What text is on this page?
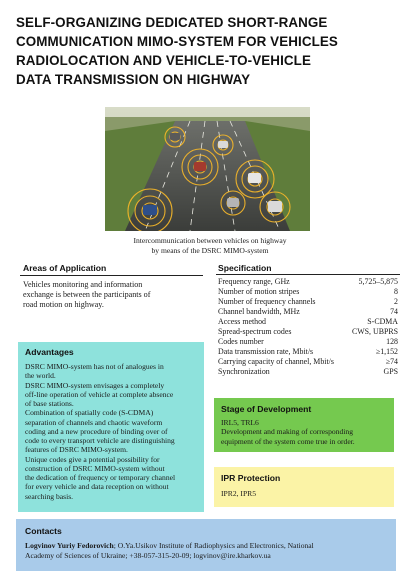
SELF-ORGANIZING DEDICATED SHORT-RANGE
COMMUNICATION MIMO-SYSTEM FOR VEHICLES
RADIOLOCATION AND VEHICLE-TO-VEHICLE
DATA TRANSMISSION ON HIGHWAY
Intercommunication between vehicles on highway
by means of the DSRC MIMO-system
Areas of Application
Vehicles monitoring and information
exchange is between the participants of
road motion on highway.
Specification
Frequency range, GHz	5,725–5,875
Number of motion stripes	8
Number of frequency channels	2
Channel bandwidth, MHz	74
Access method	S-CDMA
Spread-spectrum codes	CWS, UBPRS
Codes number	128
Data transmission rate, Mbit/s	≥1,152
Carrying capacity of channel, Mbit/s	≥74
Synchronization	GPS
Advantages
DSRC MIMO-system has not of analogues in
the world.
DSRC MIMO-system envisages a completely
off-line operation of vehicle at complete absence
of base stations.
Combination of spatially code (S-CDMA)
separation of channels and chaotic waveform
coding and a new procedure of binding over of
code to every transport vehicle are distinguishing
features of DSRC MIMO-system.
Unique codes give a potential possibility for
construction of DSRC MIMO-system without
the dedication of frequency or temporary channel
for every vehicle and data reception on without
searching basis.
Stage of Development
IRL5, TRL6
Development and making of corresponding
equipment of the system come true in order.
IPR Protection
IPR2, IPR5
Contacts
Logvinov Yuriy Fedorovich; O.Ya.Usikov Institute of Radiophysics and Electronics, National
Academy of Sciences of Ukraine; +38-057-315-20-09; logvinov@ire.kharkov.ua
